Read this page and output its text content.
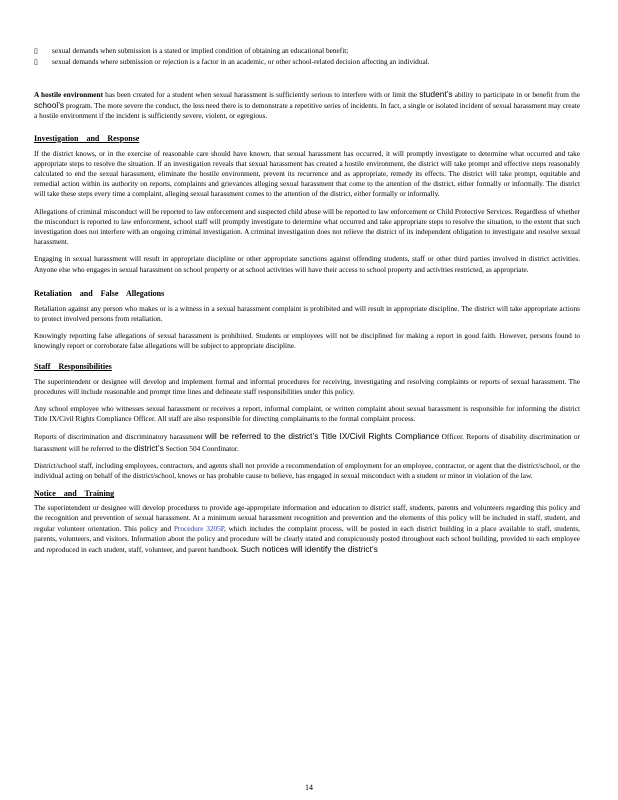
▯	sexual demands when submission is a stated or implied condition of obtaining an educational benefit;
▯	sexual demands where submission or rejection is a factor in an academic, or other school-related decision affecting an individual.

A hostile environment has been created for a student when sexual harassment is sufficiently serious to interfere with or limit the student’s ability to participate in or benefit from the school’s program. The more severe the conduct, the less need there is to demonstrate a repetitive series of incidents. In fact, a single or isolated incident of sexual harassment may create a hostile environment if the incident is sufficiently severe, violent, or egregious.

Investigation and Response

If the district knows, or in the exercise of reasonable care should have known, that sexual harassment has occurred, it will promptly investigate to determine what occurred and take appropriate steps to resolve the situation. If an investigation reveals that sexual harassment has created a hostile environment, the district will take prompt and effective steps reasonably calculated to end the sexual harassment, eliminate the hostile environment, prevent its recurrence and as appropriate, remedy its effects. The district will take prompt, equitable and remedial action within its authority on reports, complaints and grievances alleging sexual harassment that come to the attention of the district, either formally or informally. The district will take these steps every time a complaint, alleging sexual harassment comes to the attention of the district, either formally or informally.

Allegations of criminal misconduct will be reported to law enforcement and suspected child abuse will be reported to law enforcement or Child Protective Services. Regardless of whether the misconduct is reported to law enforcement, school staff will promptly investigate to determine what occurred and take appropriate steps to resolve the situation, to the extent that such investigation does not interfere with an ongoing criminal investigation. A criminal investigation does not relieve the district of its independent obligation to investigate and resolve sexual harassment.

Engaging in sexual harassment will result in appropriate discipline or other appropriate sanctions against offending students, staff or other third parties involved in district activities. Anyone else who engages in sexual harassment on school property or at school activities will have their access to school property and activities restricted, as appropriate.

Retaliation and False Allegations

Retaliation against any person who makes or is a witness in a sexual harassment complaint is prohibited and will result in appropriate discipline. The district will take appropriate actions to protect involved persons from retaliation.

Knowingly reporting false allegations of sexual harassment is prohibited. Students or employees will not be disciplined for making a report in good faith. However, persons found to knowingly report or corroborate false allegations will be subject to appropriate discipline.

Staff Responsibilities

The superintendent or designee will develop and implement formal and informal procedures for receiving, investigating and resolving complaints or reports of sexual harassment. The procedures will include reasonable and prompt time lines and delineate staff responsibilities under this policy.

Any school employee who witnesses sexual harassment or receives a report, informal complaint, or written complaint about sexual harassment is responsible for informing the district Title IX/Civil Rights Compliance Officer. All staff are also responsible for directing complainants to the formal complaint process.

Reports of discrimination and discriminatory harassment will be referred to the district’s Title IX/Civil Rights Compliance Officer. Reports of disability discrimination or harassment will be referred to the district’s Section 504 Coordinator.

District/school staff, including employees, contractors, and agents shall not provide a recommendation of employment for an employee, contractor, or agent that the district/school, or the individual acting on behalf of the district/school, knows or has probable cause to believe, has engaged in sexual misconduct with a student or minor in violation of the law.

Notice and Training

The superintendent or designee will develop procedures to provide age-appropriate information and education to district staff, students, parents and volunteers regarding this policy and the recognition and prevention of sexual harassment. At a minimum sexual harassment recognition and prevention and the elements of this policy will be included in staff, student, and regular volunteer orientation. This policy and Procedure 3205P, which includes the complaint process, will be posted in each district building in a place available to staff, students, parents, volunteers, and visitors. Information about the policy and procedure will be clearly stated and conspicuously posted throughout each school building, provided to each employee and reproduced in each student, staff, volunteer, and parent handbook. Such notices will identify the district’s

14
